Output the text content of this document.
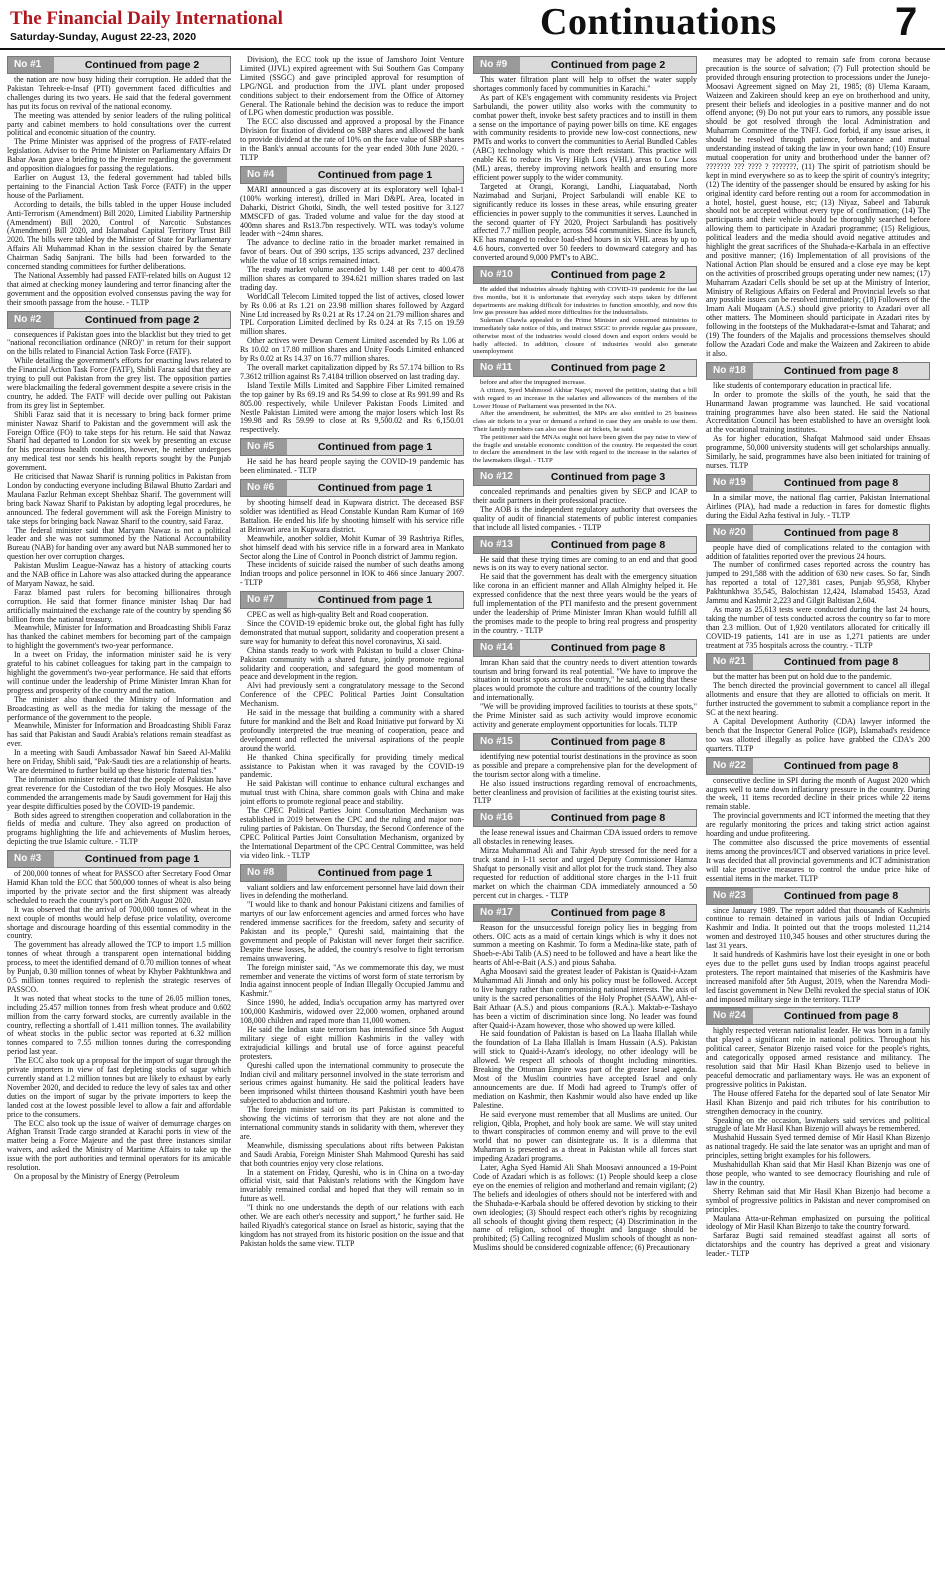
The Financial Daily International
Saturday-Sunday, August 22-23, 2020	Continuations	7
No #1	Continued from page 2

the nation are now busy hiding their corruption. He added that the Pakistan Tehreek-e-Insaf (PTI) government faced difficulties and challenges during its two years. He said that the federal government has put its focus on revival of the national economy.

The meeting was attended by senior leaders of the ruling political party and cabinet members to hold consultations over the current political and economic situation of the country.

The Prime Minister was apprised of the progress of FATF-related legislation. Adviser to the Prime Minister on Parliamentary Affairs Dr Babar Awan gave a briefing to the Premier regarding the government and opposition dialogues for passing the regulations.

Earlier on August 13, the federal government had tabled bills pertaining to the Financial Action Task Force (FATF) in the upper house of the Parliament.

According to details, the bills tabled in the upper House included Anti-Terrorism (Amendment) Bill 2020, Limited Liability Partnership (Amendment) Bill 2020, Control of Narcotic Substances (Amendment) Bill 2020, and Islamabad Capital Territory Trust Bill 2020. The bills were tabled by the Minister of State for Parliamentary Affairs Ali Muhammad Khan in the session chaired by the Senate Chairman Sadiq Sanjrani. The bills had been forwarded to the concerned standing committees for further deliberations.

The National Assembly had passed FATF-related bills on August 12 that aimed at checking money laundering and terror financing after the government and the opposition evolved consensus paving the way for their smooth passage from the house. - TLTP

No #2	Continued from page 2

consequences if Pakistan goes into the blacklist but they tried to get "national reconciliation ordinance (NRO)" in return for their support on the bills related to Financial Action Task Force (FATF).

While detailing the government's efforts for enacting laws related to the Financial Action Task Force (FATF), Shibli Faraz said that they are trying to pull out Pakistan from the grey list. The opposition parties were blackmailing the federal government despite a severe crisis in the country, he added. The FATF will decide over pulling out Pakistan from its grey list in September.

Shibli Faraz said that it is necessary to bring back former prime minister Nawaz Sharif to Pakistan and the government will ask the Foreign Office (FO) to take steps for his return. He said that Nawaz Sharif had departed to London for six week by presenting an excuse for his precarious health conditions, however, he neither undergoes any medical test nor sends his health reports sought by the Punjab government.

He criticised that Nawaz Sharif is running politics in Pakistan from London by conducting everyone including Bilawal Bhutto Zardari and Maulana Fazlur Rehman except Shehbaz Sharif. The government will bring back Nawaz Sharif to Pakistan by adopting legal procedures, he announced. The federal government will ask the Foreign Ministry to take steps for bringing back Nawaz Sharif to the country, said Faraz.

The federal minister said that Maryam Nawaz is not a political leader and she was not summoned by the National Accountability Bureau (NAB) for handing over any award but NAB summoned her to question her over corruption charges.

Pakistan Muslim League-Nawaz has a history of attacking courts and the NAB office in Lahore was also attacked during the appearance of Maryam Nawaz, he said.

Faraz blamed past rulers for becoming billionaires through corruption. He said that former finance minister Ishaq Dar had artificially maintained the exchange rate of the country by spending $6 billion from the national treasury.

Meanwhile, Minister for Information and Broadcasting Shibli Faraz has thanked the cabinet members for becoming part of the campaign to highlight the government's two-year performance.

In a tweet on Friday, the information minister said he is very grateful to his cabinet colleagues for taking part in the campaign to highlight the government's two-year performance. He said that efforts will continue under the leadership of Prime Minister Imran Khan for progress and prosperity of the country and the nation.

The minister also thanked the Ministry of Information and Broadcasting as well as the media for taking the message of the performance of the government to the people.

Meanwhile, Minister for Information and Broadcasting Shibli Faraz has said that Pakistan and Saudi Arabia's relations remain steadfast as ever.

In a meeting with Saudi Ambassador Nawaf bin Saeed Al-Maliki here on Friday, Shibli said, "Pak-Saudi ties are a relationship of hearts. We are determined to further build up these historic fraternal ties."

The information minister reiterated that the people of Pakistan have great reverence for the Custodian of the two Holy Mosques. He also commended the arrangements made by Saudi government for Hajj this year despite difficulties posed by the COVID-19 pandemic.

Both sides agreed to strengthen cooperation and collaboration in the fields of media and culture. They also agreed on production of programs highlighting the life and achievements of Muslim heroes, depicting the true Islamic culture. - TLTP

No #3	Continued from page 1

of 200,000 tonnes of wheat for PASSCO after Secretary Food Omar Hamid Khan told the ECC that 500,000 tonnes of wheat is also being imported by the private sector and the first shipment was already scheduled to reach the country's port on 26th August 2020.

It was observed that the arrival of 700,000 tonnes of wheat in the next couple of months would help defuse price volatility, overcome shortage and discourage hoarding of this essential commodity in the country.

The government has already allowed the TCP to import 1.5 million tonnes of wheat through a transparent open international bidding process, to meet the identified demand of 0.70 million tonnes of wheat by Punjab, 0.30 million tonnes of wheat by Khyber Pakhtunkhwa and 0.5 million tonnes required to replenish the strategic reserves of PASSCO.

It was noted that wheat stocks to the tune of 26.05 million tones, including 25.457 million tonnes from fresh wheat produce and 0.602 million from the carry forward stocks, are currently available in the country, reflecting a shortfall of 1.411 million tonnes. The availability of wheat stocks in the public sector was reported at 6.32 million tonnes compared to 7.55 million tonnes during the corresponding period last year.

The ECC also took up a proposal for the import of sugar through the private importers in view of fast depleting stocks of sugar which currently stand at 1.2 million tonnes but are likely to exhaust by early November 2020, and decided to reduce the levy of sales tax and other duties on the import of sugar by the private importers to keep the landed cost at the lowest possible level to allow a fair and affordable price to the consumers.

The ECC also took up the issue of waiver of demurrage charges on Afghan Transit Trade cargo stranded at Karachi ports in view of the matter being a Force Majeure and the past three instances similar waivers, and asked the Ministry of Maritime Affairs to take up the issue with the port authorities and terminal operators for its amicable resolution.

On a proposal by the Ministry of Energy (Petroleum

Division), the ECC took up the issue of Jamshoro Joint Venture Limited (JJVL) expired agreement with Sui Southern Gas Company Limited (SSGC) and gave principled approval for resumption of LPG/NGL and production from the JJVL plant under proposed conditions subject to their endorsement from the Office of Attorney General. The Rationale behind the decision was to reduce the import of LPG when domestic production was possible.

The ECC also discussed and approved a proposal by the Finance Division for fixation of dividend on SBP shares and allowed the bank to provide dividend at the rate of 10% on the face value of SBP shares in the Bank's annual accounts for the year ended 30th June 2020. - TLTP

No #4	Continued from page 1

MARI announced a gas discovery at its exploratory well Iqbal-1 (100% working interest), drilled in Mari D&PL Area, located in Daharki, District Ghotki, Sindh, the well tested positive for 3.127 MMSCFD of gas. Traded volume and value for the day stood at 400mn shares and Rs13.7bn respectively. WTL was today's volume leader with ~24mn shares.

The advance to decline ratio in the broader market remained in favor of bears. Out of 390 scrips, 135 scrips advanced, 237 declined while the value of 18 scrips remained intact.

The ready market volume ascended by 1.48 per cent to 400.478 million shares as compared to 394.621 million shares traded on last trading day.

WorldCall Telecom Limited topped the list of actives, closed lower by Rs 0.06 at Rs 1.21 on 23.98 million shares followed by Azgard Nine Ltd increased by Rs 0.21 at Rs 17.24 on 21.79 million shares and TPL Corporation Limited declined by Rs 0.24 at Rs 7.15 on 19.59 million shares.

Other actives were Dewan Cement Limited ascended by Rs 1.06 at Rs 10.02 on 17.80 million shares and Unity Foods Limited enhanced by Rs 0.02 at Rs 14.37 on 16.77 million shares.

The overall market capitalization dipped by Rs 57.174 billion to Rs 7.3612 trillion against Rs 7.4184 trillion observed on last trading day.

Island Textile Mills Limited and Sapphire Fiber Limited remained the top gainer by Rs 69.19 and Rs 54.99 to close at Rs 991.99 and Rs 805.00 respectively, while Unilever Pakistan Foods Limited and Nestle Pakistan Limited were among the major losers which lost Rs 199.98 and Rs 59.99 to close at Rs 9,500.02 and Rs 6,150.01 respectively.

No #5	Continued from page 1

He said he has heard people saying the COVID-19 pandemic has been eliminated. - TLTP

No #6	Continued from page 1

by shooting himself dead in Kupwara district. The deceased BSF soldier was identified as Head Constable Kundan Ram Kumar of 169 Battalion. He ended his life by shooting himself with his service rifle at Brinwari area in Kupwara district.

Meanwhile, another soldier, Mohit Kumar of 39 Rashtriya Rifles, shot himself dead with his service rifle in a forward area in Mankato Sector along the Line of Control in Poonch district of Jammu region.

These incidents of suicide raised the number of such deaths among Indian troops and police personnel in IOK to 466 since January 2007. - TLTP

No #7	Continued from page 1

CPEC as well as high-quality Belt and Road cooperation.

Since the COVID-19 epidemic broke out, the global fight has fully demonstrated that mutual support, solidarity and cooperation present a sure way for humanity to defeat this novel coronavirus, Xi said.

China stands ready to work with Pakistan to build a closer China-Pakistan community with a shared future, jointly promote regional solidarity and cooperation, and safeguard the good momentum of peace and development in the region.

Alvi had previously sent a congratulatory message to the Second Conference of the CPEC Political Parties Joint Consultation Mechanism.

He said in the message that building a community with a shared future for mankind and the Belt and Road Initiative put forward by Xi profoundly interpreted the true meaning of cooperation, peace and development and reflected the universal aspirations of the people around the world.

He thanked China specifically for providing timely medical assistance to Pakistan when it was ravaged by the COVID-19 pandemic.

He said Pakistan will continue to enhance cultural exchanges and mutual trust with China, share common goals with China and make joint efforts to promote regional peace and stability.

The CPEC Political Parties Joint Consultation Mechanism was established in 2019 between the CPC and the ruling and major non-ruling parties of Pakistan. On Thursday, the Second Conference of the CPEC Political Parties Joint Consultation Mechanism, organized by the International Department of the CPC Central Committee, was held via video link. - TLTP

No #8	Continued from page 1

valiant soldiers and law enforcement personnel have laid down their lives in defending the motherland.

"I would like to thank and honour Pakistani citizens and families of martyrs of our law enforcement agencies and armed forces who have rendered immense sacrifices for the freedom, safety and security of Pakistan and its people," Qureshi said, maintaining that the government and people of Pakistan will never forget their sacrifice. Despite these losses, he added, the country's resolve to fight terrorism remains unwavering.

The foreign minister said, "As we commemorate this day, we must remember and venerate the victims of worst form of state terrorism by India against innocent people of Indian Illegally Occupied Jammu and Kashmir."

Since 1990, he added, India's occupation army has martyred over 100,000 Kashmiris, widowed over 22,000 women, orphaned around 108,000 children and raped more than 11,000 women.

He said the Indian state terrorism has intensified since 5th August military siege of eight million Kashmiris in the valley with extrajudicial killings and brutal use of force against peaceful protesters.

Qureshi called upon the international community to prosecute the Indian civil and military personnel involved in the state terrorism and serious crimes against humanity. He said the political leaders have been imprisoned whilst thirteen thousand Kashmiri youth have been subjected to abduction and torture.

The foreign minister said on its part Pakistan is committed to showing the victims of terrorism that they are not alone and the international community stands in solidarity with them, wherever they are.

Meanwhile, dismissing speculations about rifts between Pakistan and Saudi Arabia, Foreign Minister Shah Mahmood Qureshi has said that both countries enjoy very close relations.

In a statement on Friday, Qureshi, who is in China on a two-day official visit, said that Pakistan's relations with the Kingdom have invariably remained cordial and hoped that they will remain so in future as well.

"I think no one understands the depth of our relations with each other. We are each other's necessity and support," he further said. He hailed Riyadh's categorical stance on Israel as historic, saying that the kingdom has not strayed from its historic position on the issue and that Pakistan holds the same view. TLTP

No #9	Continued from page 2

This water filtration plant will help to offset the water supply shortages commonly faced by communities in Karachi."

As part of KE's engagement with community residents via Project Sarbulandi, the power utility also works with the community to combat power theft, invoke best safety practices and to instill in them a sense on the importance of paying power bills on time. KE engages with community residents to provide new low-cost connections, new PMTs and works to convert the communities to Aerial Bundled Cables (ABC) technology which is more theft resistant. This practice will enable KE to reduce its Very High Loss (VHL) areas to Low Loss (ML) areas, thereby improving network health and ensuring more efficient power supply to the wider community.

Targeted at Orangi, Korangi, Landhi, Liaquatabad, North Nazimabad and Surjani, Project Sarbulandi will enable KE to significantly reduce its losses in these areas, while ensuring greater efficiencies in power supply to the communities it serves. Launched in the second quarter of FY 2020, Project Sarbulandi has positively affected 7.7 million people, across 584 communities. Since its launch, KE has managed to reduce load-shed hours in six VHL areas by up to 4.6 hours, converted over 50 feeders to downward category and has converted around 9,000 PMT's to ABC.

No #10	Continued from page 2

He added that industries already fighting with COVID-19 pandemic for the last five months, but it is unfortunate that everyday such steps taken by different departments are making difficult for industries to function smoothly, and now this low gas pressure has added more difficulties for the industrialists.

Suleman Chawla appealed to the Prime Minister and concerned ministries to immediately take notice of this, and instruct SSGC to provide regular gas pressure, otherwise most of the industries would closed down and export orders would be badly affected. In addition, closure of industries would also generate unemployment

No #11	Continued from page 2

before and after the impugned increase.

A citizen, Syed Mahmood Akhtar Naqvi, moved the petition, stating that a bill with regard to an increase in the salaries and allowances of the members of the Lower House of Parliament was presented in the NA.

After the amendment, he submitted, the MPs are also entitled to 25 business class air tickets in a year or demand a refund in case they are unable to use them. Their family members can also use these air tickets, he said.

The petitioner said the MNAs ought not have been given the pay raise in view of the fragile and unstable economic condition of the country. He requested the court to declare the amendment in the law with regard to the increase in the salaries of the lawmakers illegal. - TLTP

No #12	Continued from page 3

concealed reprimands and penalties given by SECP and ICAP to their audit partners in their professional practice.

The AOB is the independent regulatory authority that oversees the quality of audit of financial statements of public interest companies that include all listed companies. - TLTP

No #13	Continued from page 8

He said that these trying times are coming to an end and that good news is on its way to every national sector.

He said that the government has dealt with the emergency situation like corona in an efficient manner and Allah Almighty helped it. He expressed confidence that the next three years would be the years of full implementation of the PTI manifesto and the present government under the leadership of Prime Minister Imran Khan would fulfill all the promises made to the people to bring real progress and prosperity in the country. - TLTP

No #14	Continued from page 8

Imran Khan said that the country needs to divert attention towards tourism and bring forward its real potential. "We have to improve the situation in tourist spots across the country," he said, adding that these places would promote the culture and traditions of the country locally and internationally.

"We will be providing improved facilities to tourists at these spots," the Prime Minister said as such activity would improve economic activity and generate employment opportunities for locals. TLTP

No #15	Continued from page 8

identifying new potential tourist destinations in the province as soon as possible and prepare a comprehensive plan for the development of the tourism sector along with a timeline.

He also issued instructions regarding removal of encroachments, better cleanliness and provision of facilities at the existing tourist sites. TLTP

No #16	Continued from page 8

the lease renewal issues and Chairman CDA issued orders to remove all obstacles in renewing leases.

Mirza Muhammad Ali and Tahir Ayub stressed for the need for a truck stand in I-11 sector and urged Deputy Commissioner Hamza Shafqat to personally visit and allot plot for the truck stand. They also requested for reduction of additional store charges in the I-11 fruit market on which the chairman CDA immediately announced a 50 percent cut in charges. - TLTP

No #17	Continued from page 8

Reason for the unsuccessful foreign policy lies in begging from others. OIC acts as a maid of certain kings which is why it does not summon a meeting on Kashmir. To form a Medina-like state, path of Shoeb-e-Abi Talib (A.S) need to be followed and have a heart like the hearts of Ahl-e-Bait (A.S.) and pious Sahaba.

Agha Moosavi said the greatest leader of Pakistan is Quaid-i-Azam Muhammad Ali Jinnah and only his policy must be followed. Accept to live hungry rather than compromising national interests. The axis of unity is the sacred personalities of the Holy Prophet (SAAW), Ahl-e-Bait Athaar (A.S.) and pious companions (R.A.). Maktab-e-Tashayo has been a victim of discrimination since long. No leader was found after Quaid-i-Azam however, those who showed up were killed.

He said foundation of Pakistan is based on La Ilaaha Illallah while the foundation of La Ilaha Illallah is Imam Hussain (A.S). Pakistan will stick to Quaid-i-Azam's ideology, no other ideology will be allowed. We respect all schools of thought including minorities. Breaking the Ottoman Empire was part of the greater Israel agenda. Most of the Muslim countries have accepted Israel and only announcements are due. If Modi had agreed to Trump's offer of mediation on Kashmir, then Kashmir would also have ended up like Palestine.

He said everyone must remember that all Muslims are united. Our religion, Qibla, Prophet, and holy book are same. We will stay united to thwart conspiracies of common enemy and will prove to the evil world that no power can disintegrate us. It is a dilemma that Muharram is presented as a threat in Pakistan while all forces start impeding Azadari programs.

Later, Agha Syed Hamid Ali Shah Moosavi announced a 19-Point Code of Azadari which is as follows: (1) People should keep a close eye on the enemies of religion and motherland and remain vigilant; (2) The beliefs and ideologies of others should not be interfered with and the Shuhada-e-Karbala should be offered devotion by sticking to their own ideologies; (3) Should respect each other's rights by recognizing all schools of thought giving them respect; (4) Discrimination in the name of religion, school of thought and language should be prohibited; (5) Calling recognized Muslim schools of thought as non-Muslims should be considered cognizable offence; (6) Precautionary

measures may be adopted to remain safe from corona because precaution is the source of salvation; (7) Full protection should be provided through ensuring protection to processions under the Junejo-Moosavi Agreement signed on May 21, 1985; (8) Ulema Karaam, Waizeen and Zakireen should keep an eye on brotherhood and unity, present their beliefs and ideologies in a positive manner and do not offend anyone; (9) Do not put your ears to rumors, any possible issue should be got resolved through the local Administration and Muharram Committee of the TNFJ. God forbid, if any issue arises, it should be resolved through patience, forbearance and mutual understanding instead of taking the law in your own hand; (10) Ensure mutual cooperation for unity and brotherhood under the banner of? ??????? ??? ???? ? ???????, (11) The spirit of patriotism should be kept in mind everywhere so as to keep the spirit of country's integrity; (12) The identity of the passenger should be ensured by asking for his original identity card before renting out a room for accommodation in a hotel, hostel, guest house, etc; (13) Niyaz, Sabeel and Taburuk should not be accepted without every type of confirmation; (14) The participants and their vehicle should be thoroughly searched before allowing them to participate in Azadari programme; (15) Religious, political leaders and the media should avoid negative attitudes and highlight the great sacrifices of the Shuhada-e-Karbala in an effective and positive manner; (16) Implementation of all provisions of the National Action Plan should be ensured and a close eye may be kept on the activities of proscribed groups operating under new names; (17) Muharram Azadari Cells should be set up at the Ministry of Interior, Ministry of Religious Affairs on Federal and Provincial levels so that any possible issues can be resolved immediately; (18) Followers of the Imam Aali Muqaam (A.S.) should give priority to Azadari over all other matters. The Momineen should participate in Azadari rites by following in the footsteps of the Mukhadarat-e-Ismat and Taharat; and (19) The founders of the Majalis and processions themselves should follow the Azadari Code and make the Waizeen and Zakireen to abide it also.

No #18	Continued from page 8

like students of contemporary education in practical life.

In order to promote the skills of the youth, he said that the Hunarmand Jawan programme was launched. He said vocational training programmes have also been stated. He said the National Accreditation Council has been established to have an oversight look at the vocational training institutes.

As for higher education, Shafqat Mahmood said under Ehsaas programme, 50,000 university students will get scholarships annually. Similarly, he said, programmes have also been initiated for training of nurses. TLTP

No #19	Continued from page 8

In a similar move, the national flag carrier, Pakistan International Airlines (PIA), had made a reduction in fares for domestic flights during the Eidul Azha festival in July. - TLTP

No #20	Continued from page 8

people have died of complications related to the contagion with addition of fatalities reported over the previous 24 hours.

The number of confirmed cases reported across the country has jumped to 291,588 with the addition of 630 new cases. So far, Sindh has reported a total of 127,381 cases, Punjab 95,958, Khyber Pakhtunkhwa 35,545, Balochistan 12,424, Islamabad 15453, Azad Jammu and Kashmir 2,223 and Gilgit Baltistan 2,604.

As many as 25,613 tests were conducted during the last 24 hours, taking the number of tests conducted across the country so far to more than 2.3 million. Out of 1,920 ventilators allocated for critically ill COVID-19 patients, 141 are in use as 1,271 patients are under treatment at 735 hospitals across the country. - TLTP

No #21	Continued from page 8

but the matter has been put on hold due to the pandemic.

The bench directed the provincial government to cancel all illegal allotments and ensure that they are allotted to officials on merit. It further instructed the government to submit a compliance report in the SC at the next hearing.

A Capital Development Authority (CDA) lawyer informed the bench that the Inspector General Police (IGP), Islamabad's residence too was allotted illegally as police have grabbed the CDA's 200 quarters. TLTP

No #22	Continued from page 8

consecutive decline in SPI during the month of August 2020 which augurs well to tame down inflationary pressure in the country. During the week, 11 items recorded decline in their prices while 22 items remain stable.

The provincial governments and ICT informed the meeting that they are regularly monitoring the prices and taking strict action against hoarding and undue profiteering.

The committee also discussed the price movements of essential items among the provinces/ICT and observed variations in price level. It was decided that all provincial governments and ICT administration will take proactive measures to control the undue price hike of essential items in the market. TLTP

No #23	Continued from page 8

since January 1989. The report added that thousands of Kashmiris continue to remain detained in various jails of Indian Occupied Kashmir and India. It pointed out that the troops molested 11,214 women and destroyed 110,345 houses and other structures during the last 31 years.

It said hundreds of Kashmiris have lost their eyesight in one or both eyes due to the pellet guns used by Indian troops against peaceful protesters. The report maintained that miseries of the Kashmiris have increased manifold after 5th August, 2019, when the Narendra Modi-led fascist government in New Delhi revoked the special status of IOK and imposed military siege in the territory. TLTP

No #24	Continued from page 8

highly respected veteran nationalist leader. He was born in a family that played a significant role in national politics. Throughout his political career, Senator Bizenjo raised voice for the people's rights, and categorically opposed armed resistance and militancy. The resolution said that Mir Hasil Khan Bizenjo used to believe in peaceful democratic and parliamentary ways. He was an exponent of progressive politics in Pakistan.

The House offered Fateha for the departed soul of late Senator Mir Hasil Khan Bizenjo and paid rich tributes for his contribution to strengthen democracy in the country.

Speaking on the occasion, lawmakers said services and political struggle of late Mr Hasil Khan Bizenjo will always be remembered.

Mushahid Hussain Syed termed demise of Mir Hasil Khan Bizenjo as national tragedy. He said the late senator was an upright and man of principles, setting bright examples for his followers.

Mushahidullah Khan said that Mir Hasil Khan Bizenjo was one of those people, who wanted to see democracy flourishing and rule of law in the country.

Sherry Rehman said that Mir Hasil Khan Bizenjo had become a symbol of progressive politics in Pakistan and never compromised on principles.

Maulana Atta-ur-Rehman emphasized on pursuing the political ideology of Mir Hasil Khan Bizenjo to take the country forward.

Sarfaraz Bugti said remained steadfast against all sorts of dictatorships and the country has deprived a great and visionary leader.- TLTP
